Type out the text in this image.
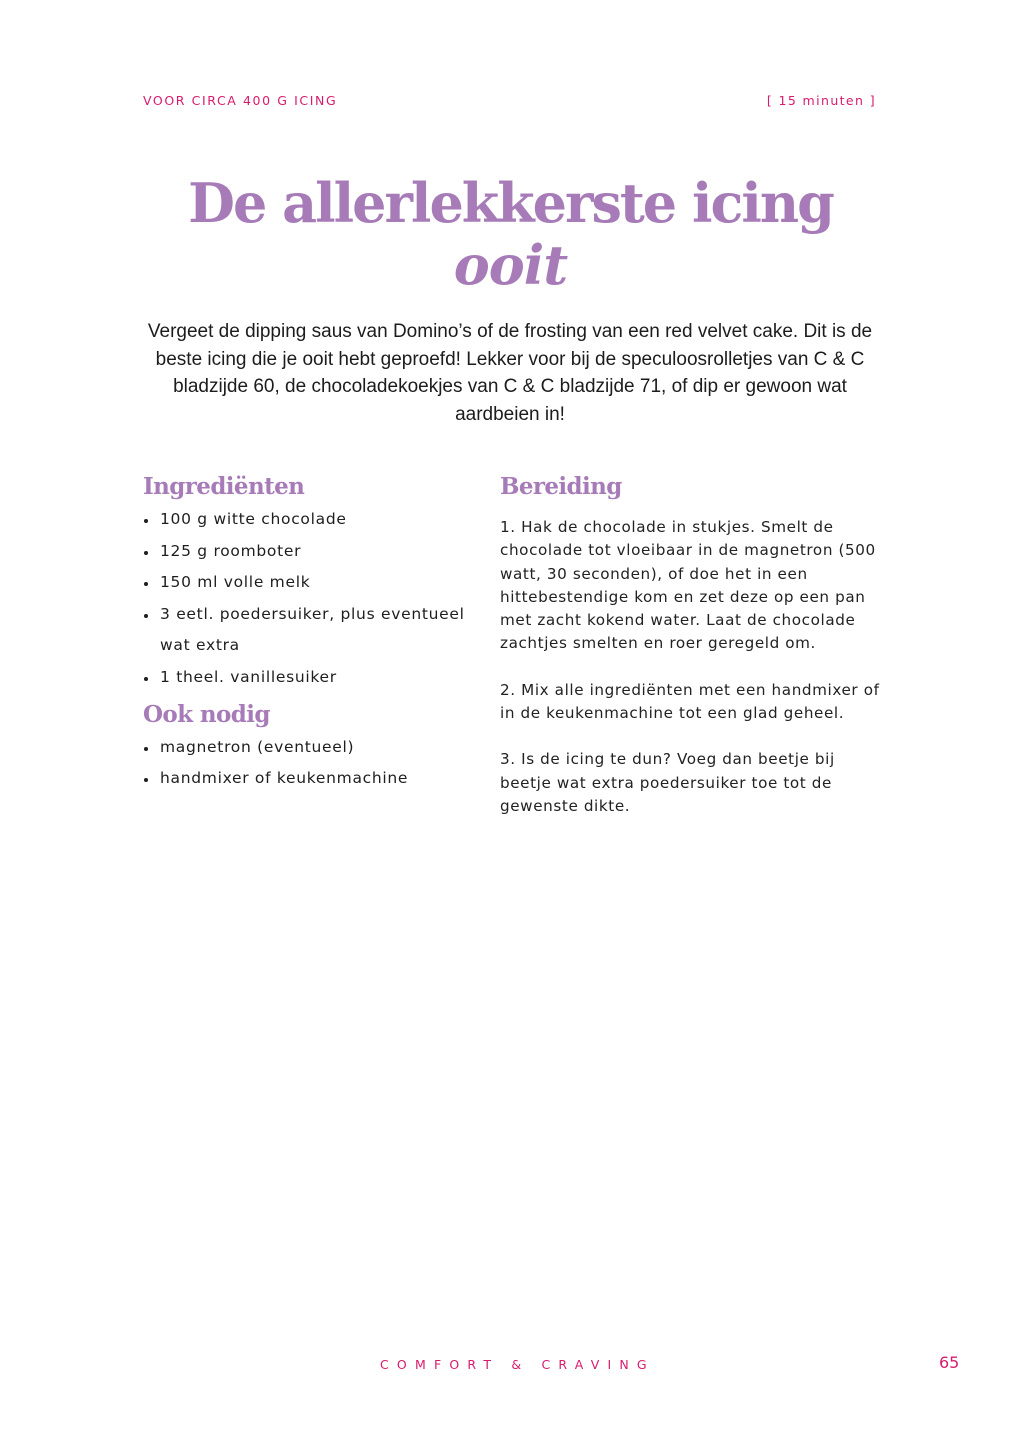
VOOR CIRCA 400 G ICING	[ 15 minuten ]
De allerlekkerste icing
ooit

Vergeet de dipping saus van Domino’s of de frosting van een red velvet cake. Dit is de beste icing die je ooit hebt geproefd! Lekker voor bij de speculoosrolletjes van C & C bladzijde 60, de chocoladekoekjes van C & C bladzijde 71, of dip er gewoon wat aardbeien in!

Ingrediënten
100 g witte chocolade
125 g roomboter
150 ml volle melk
3 eetl. poedersuiker, plus eventueel wat extra
1 theel. vanillesuiker
Ook nodig
magnetron (eventueel)
handmixer of keukenmachine
Bereiding

1. Hak de chocolade in stukjes. Smelt de chocolade tot vloeibaar in de magnetron (500 watt, 30 seconden), of doe het in een hittebestendige kom en zet deze op een pan met zacht kokend water. Laat de chocolade zachtjes smelten en roer geregeld om.

2. Mix alle ingrediënten met een handmixer of in de keukenmachine tot een glad geheel.

3. Is de icing te dun? Voeg dan beetje bij beetje wat extra poedersuiker toe tot de gewenste dikte.

COMFORT & CRAVING	65
